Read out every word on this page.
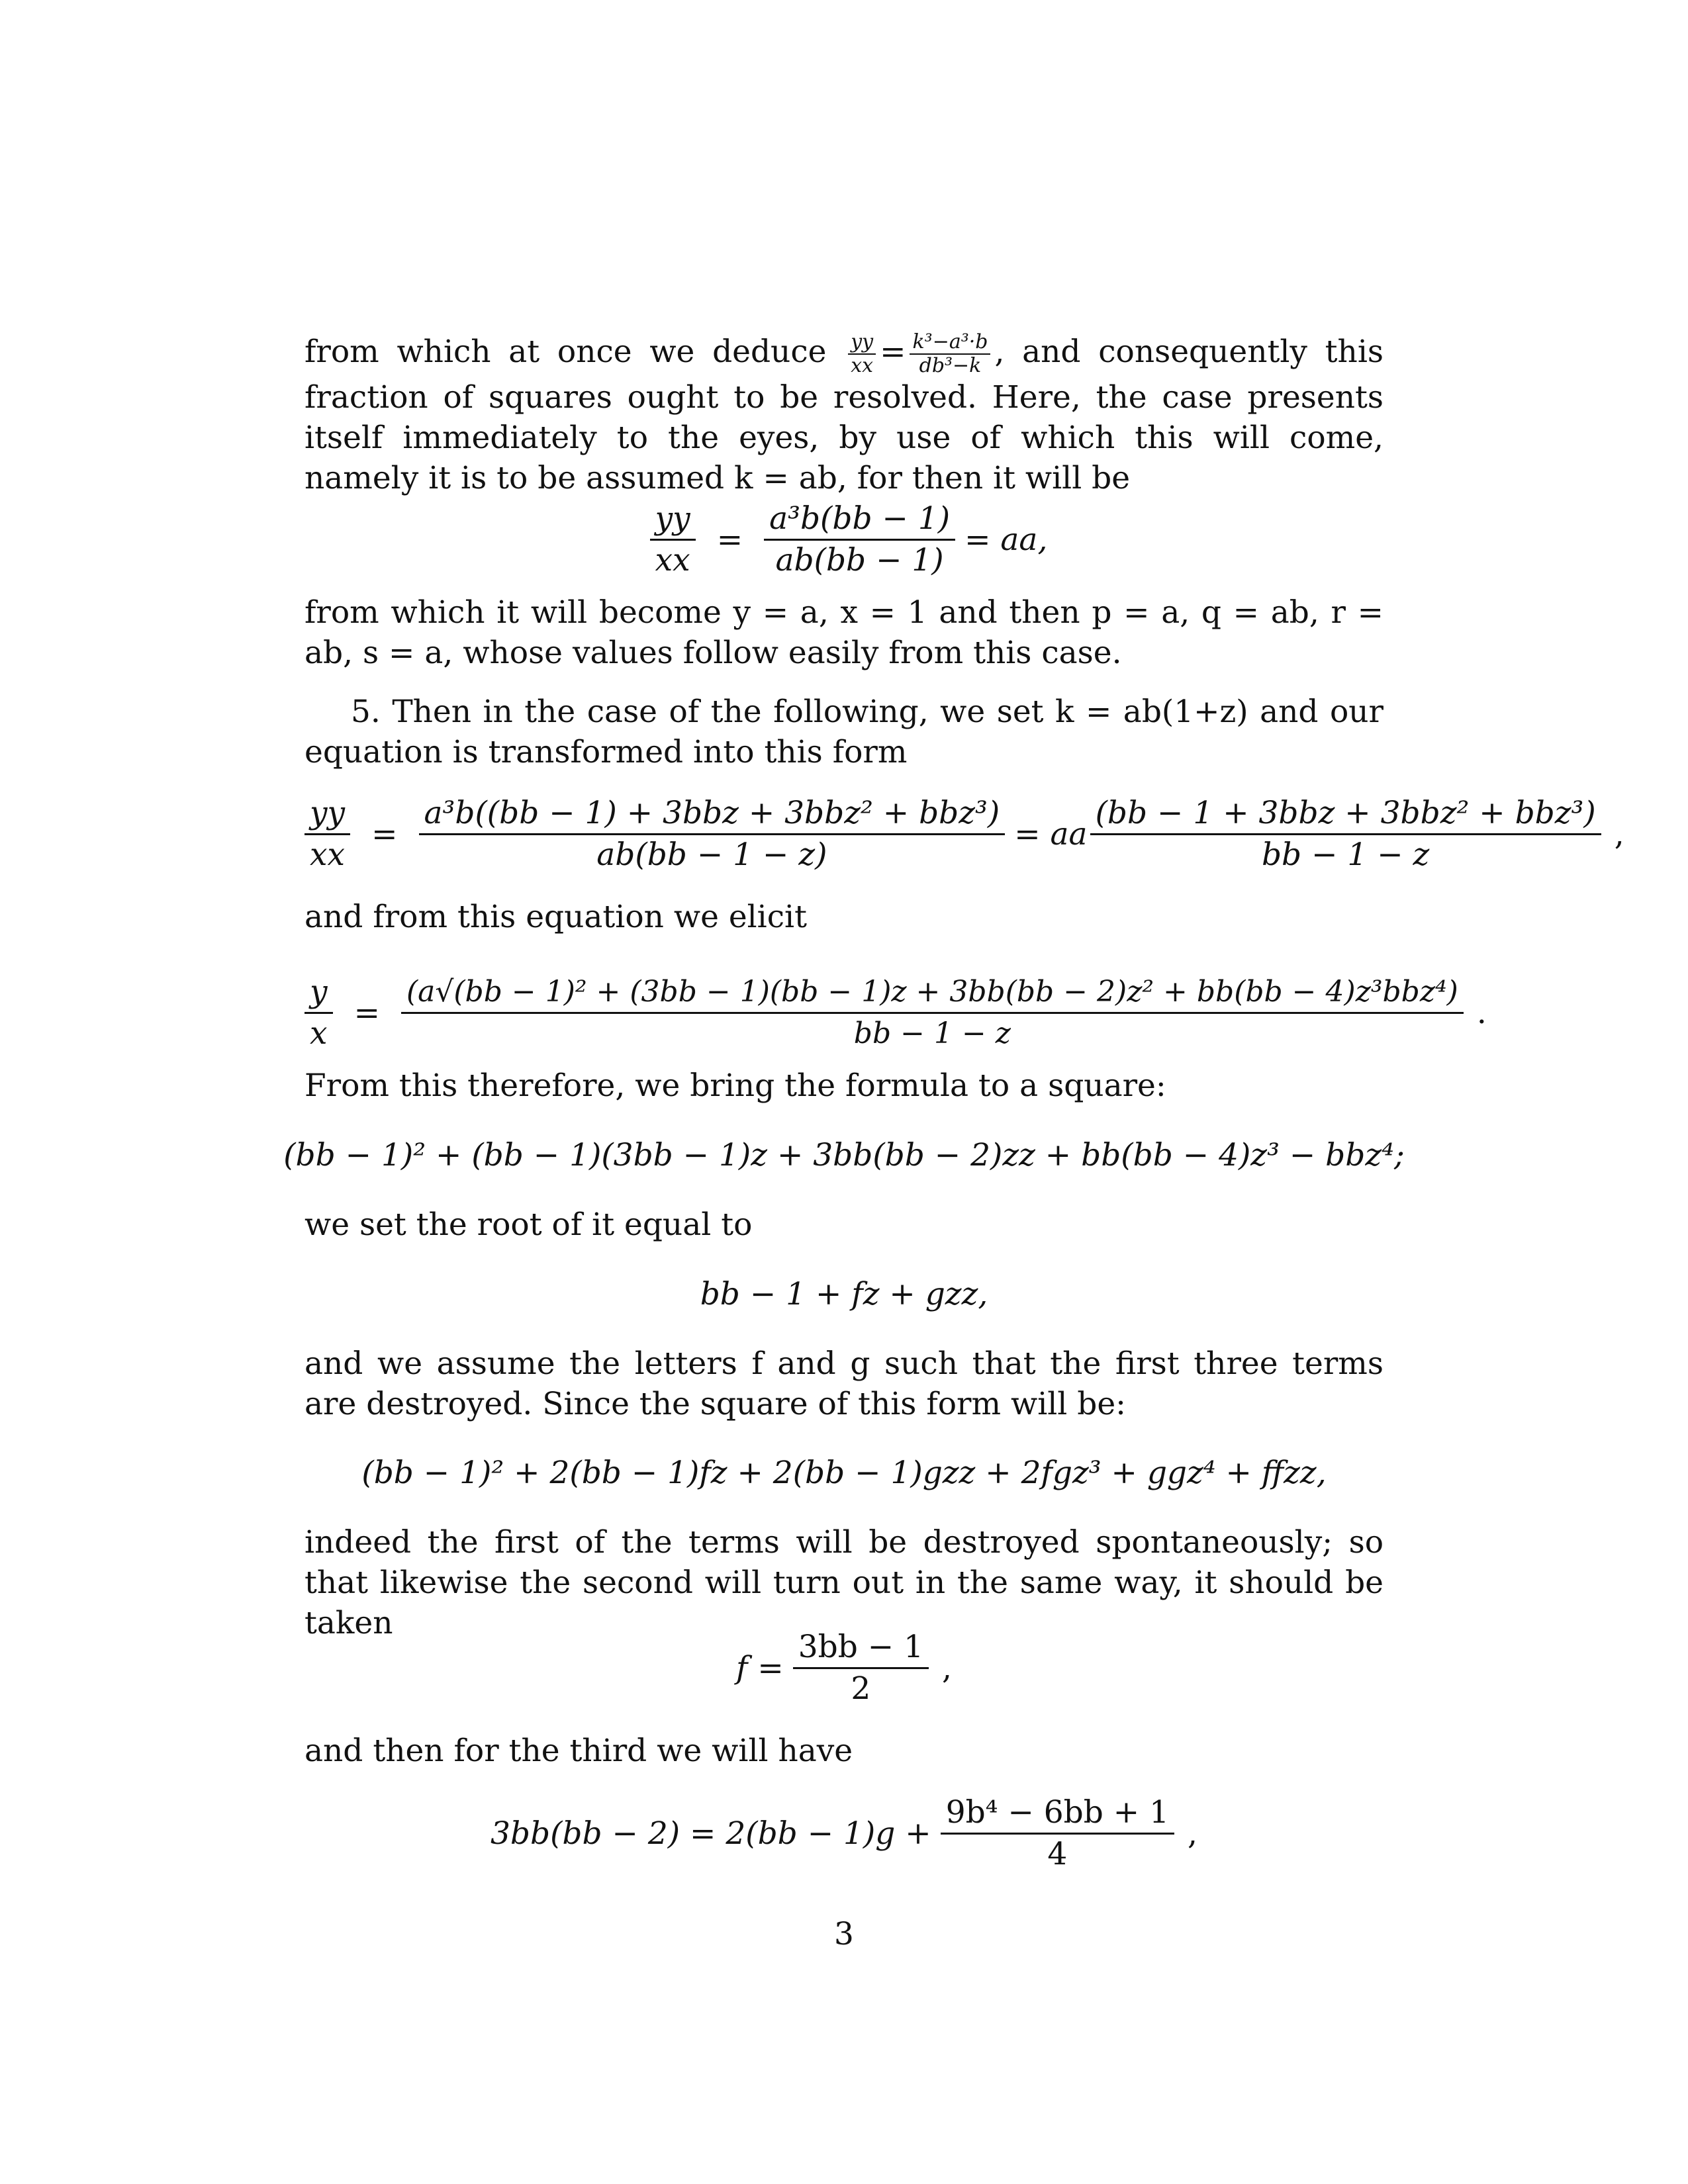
from which at once we deduce $\frac{yy}{xx} = \frac{\text{k³−a³·b}}{\text{db³−k}}$ , and consequently this fraction of squares ought to be resolved. Here, the case presents itself immediately to the eyes, by use of which this will come, namely it is to be assumed k = ab, for then it will be

$\frac{yy}{xx} = \frac{\text{a³b(bb − 1)}}{ab(bb - 1)}$ = aa,

from which it will become y = a, x = 1 and then p = a, q = ab, r = ab, s = a, whose values follow easily from this case.

5. Then in the case of the following, we set k = ab(1+z) and our equation is transformed into this form

$\frac{yy}{xx} = \frac{\text{a³b((bb − 1) + 3bbz + 3bbz² + bbz³)}}{ab(bb - 1 - z)}$ = aa $\frac{\text{(bb − 1 + 3bbz + 3bbz² + bbz³)}}{bb - 1 - z}$ ,

and from this equation we elicit

$\frac{y}{x}$ =
(a√(bb − 1)² + (3bb − 1)(bb − 1)z + 3bb(bb − 2)z² + bb(bb − 4)z³bbz⁴)
bb − 1 − z
.

From this therefore, we bring the formula to a square:

(bb − 1)² + (bb − 1)(3bb − 1)z + 3bb(bb − 2)zz + bb(bb − 4)z³ − bbz⁴;

we set the root of it equal to

bb − 1 + fz + gzz,

and we assume the letters f and g such that the first three terms are destroyed. Since the square of this form will be:

(bb − 1)² + 2(bb − 1)fz + 2(bb − 1)gzz + 2fgz³ + ggz⁴ + ffzz,

indeed the first of the terms will be destroyed spontaneously; so that likewise the second will turn out in the same way, it should be taken

$f = \frac{3bb - 1}{2}$ ,

and then for the third we will have

$3bb(bb - 2) = 2(bb - 1)g + \frac{\text{9b⁴ − 6bb + 1}}{4}$ ,
3
